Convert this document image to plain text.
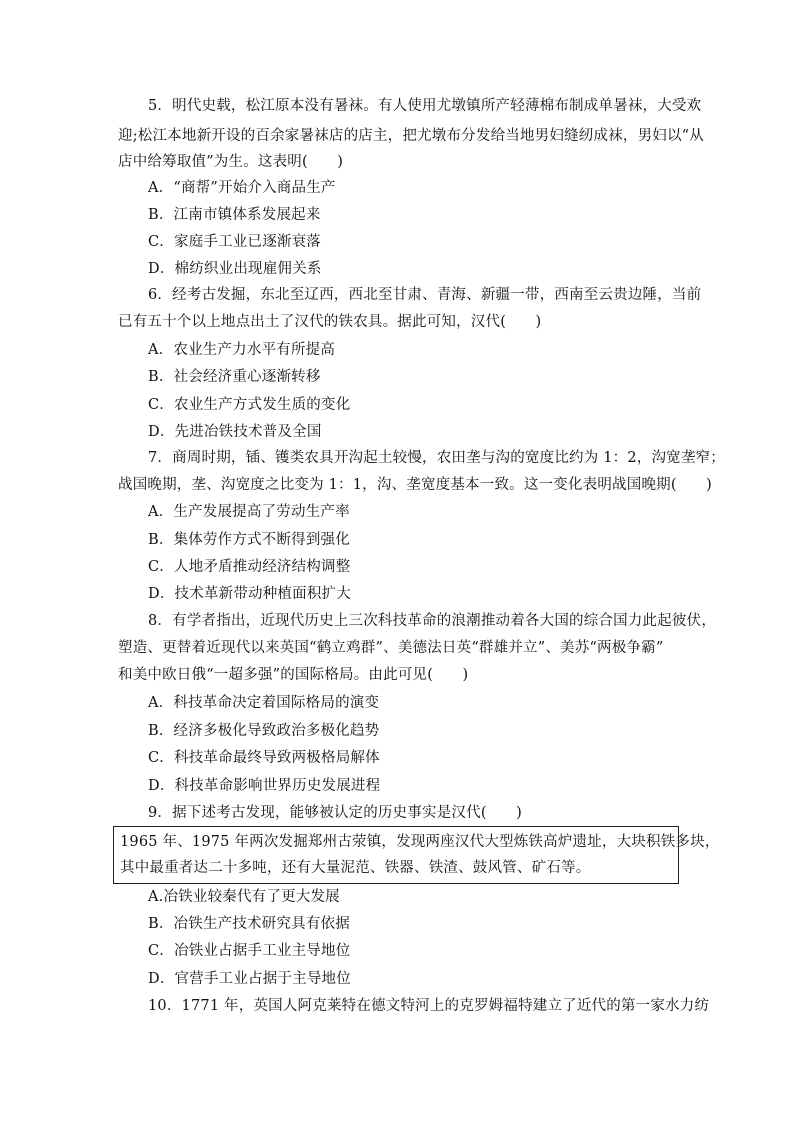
5．明代史载，松江原本没有暑袜。有人使用尤墩镇所产轻薄棉布制成单暑袜，大受欢
迎;松江本地新开设的百余家暑袜店的店主，把尤墩布分发给当地男妇缝纫成袜，男妇以“从
店中给筹取值”为生。这表明(　　)
A．“商帮”开始介入商品生产
B．江南市镇体系发展起来
C．家庭手工业已逐渐衰落
D．棉纺织业出现雇佣关系
6．经考古发掘，东北至辽西，西北至甘肃、青海、新疆一带，西南至云贵边陲，当前
已有五十个以上地点出土了汉代的铁农具。据此可知，汉代(　　)
A．农业生产力水平有所提高
B．社会经济重心逐渐转移
C．农业生产方式发生质的变化
D．先进冶铁技术普及全国
7．商周时期，锸、镬类农具开沟起土较慢，农田垄与沟的宽度比约为 1：2，沟宽垄窄；
战国晚期，垄、沟宽度之比变为 1：1，沟、垄宽度基本一致。这一变化表明战国晚期(　　)
A．生产发展提高了劳动生产率
B．集体劳作方式不断得到强化
C．人地矛盾推动经济结构调整
D．技术革新带动种植面积扩大
8．有学者指出，近现代历史上三次科技革命的浪潮推动着各大国的综合国力此起彼伏，
塑造、更替着近现代以来英国“鹤立鸡群”、美德法日英“群雄并立”、美苏“两极争霸”
和美中欧日俄“一超多强”的国际格局。由此可见(　　)
A．科技革命决定着国际格局的演变
B．经济多极化导致政治多极化趋势
C．科技革命最终导致两极格局解体
D．科技革命影响世界历史发展进程
9．据下述考古发现，能够被认定的历史事实是汉代(　　)
1965 年、1975 年两次发掘郑州古荥镇，发现两座汉代大型炼铁高炉遗址，大块积铁多块，
其中最重者达二十多吨，还有大量泥范、铁器、铁渣、鼓风管、矿石等。
A.冶铁业较秦代有了更大发展
B．冶铁生产技术研究具有依据
C．冶铁业占据手工业主导地位
D．官营手工业占据于主导地位
10．1771 年，英国人阿克莱特在德文特河上的克罗姆福特建立了近代的第一家水力纺
